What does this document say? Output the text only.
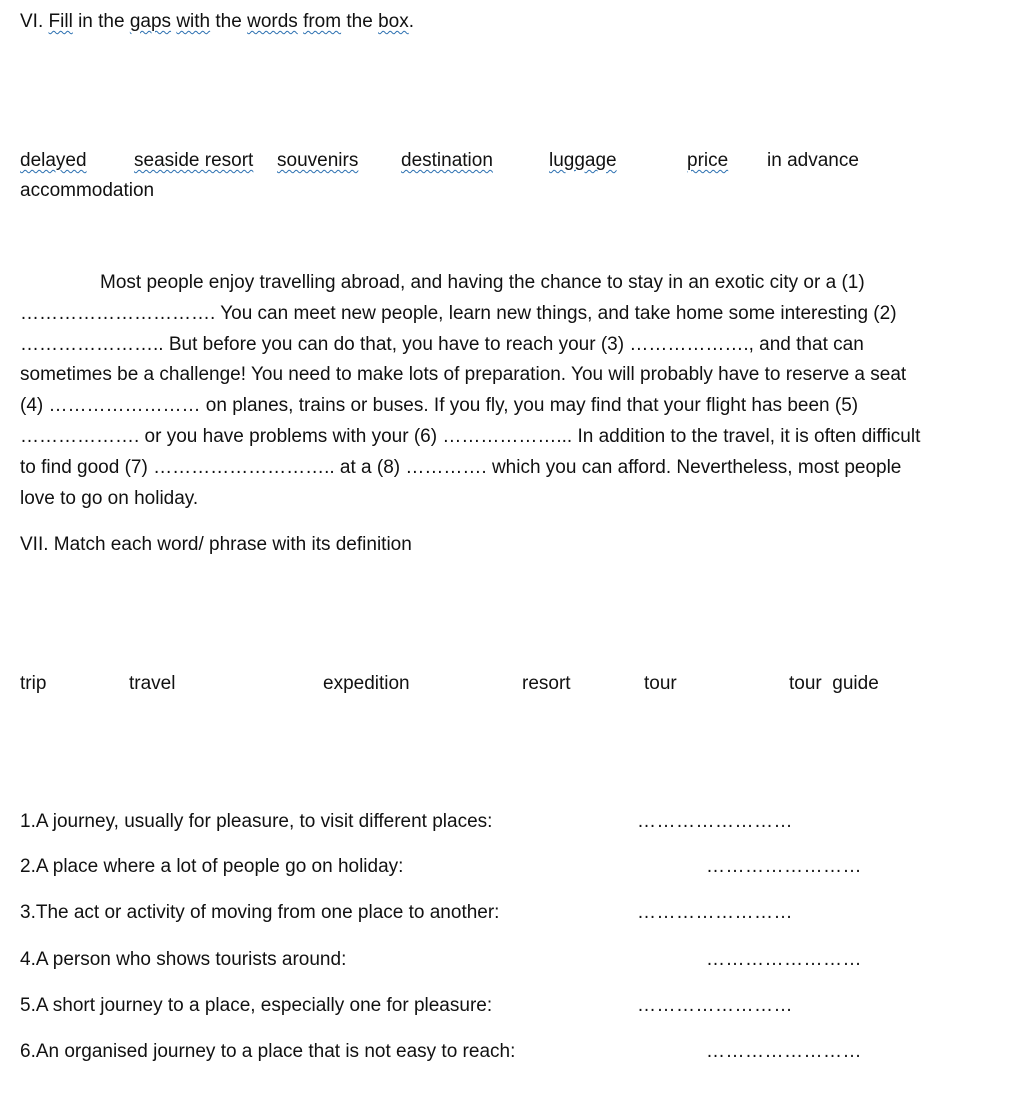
VI. Fill in the gaps with the words from the box.
delayed seaside resort souvenirs destination	luggage	price in advance
accommodation
Most people enjoy travelling abroad, and having the chance to stay in an exotic city or a (1)
…………………………. You can meet new people, learn new things, and take home some interesting (2)
………………….. But before you can do that, you have to reach your (3) ………………., and that can
sometimes be a challenge! You need to make lots of preparation. You will probably have to reserve a seat
(4) …………………… on planes, trains or buses. If you fly, you may find that your flight has been (5)
………………. or you have problems with your (6) ………………... In addition to the travel, it is often difficult
to find good (7) ……………………….. at a (8) …………. which you can afford. Nevertheless, most people
love to go on holiday.
VII. Match each word/ phrase with its definition
trip	travel	expedition	resort	tour	tour  guide
1.A journey, usually for pleasure, to visit different places:	……………………
2.A place where a lot of people go on holiday:	……………………
3.The act or activity of moving from one place to another:	……………………
4.A person who shows tourists around:	……………………
5.A short journey to a place, especially one for pleasure:	……………………
6.An organised journey to a place that is not easy to reach:	……………………
